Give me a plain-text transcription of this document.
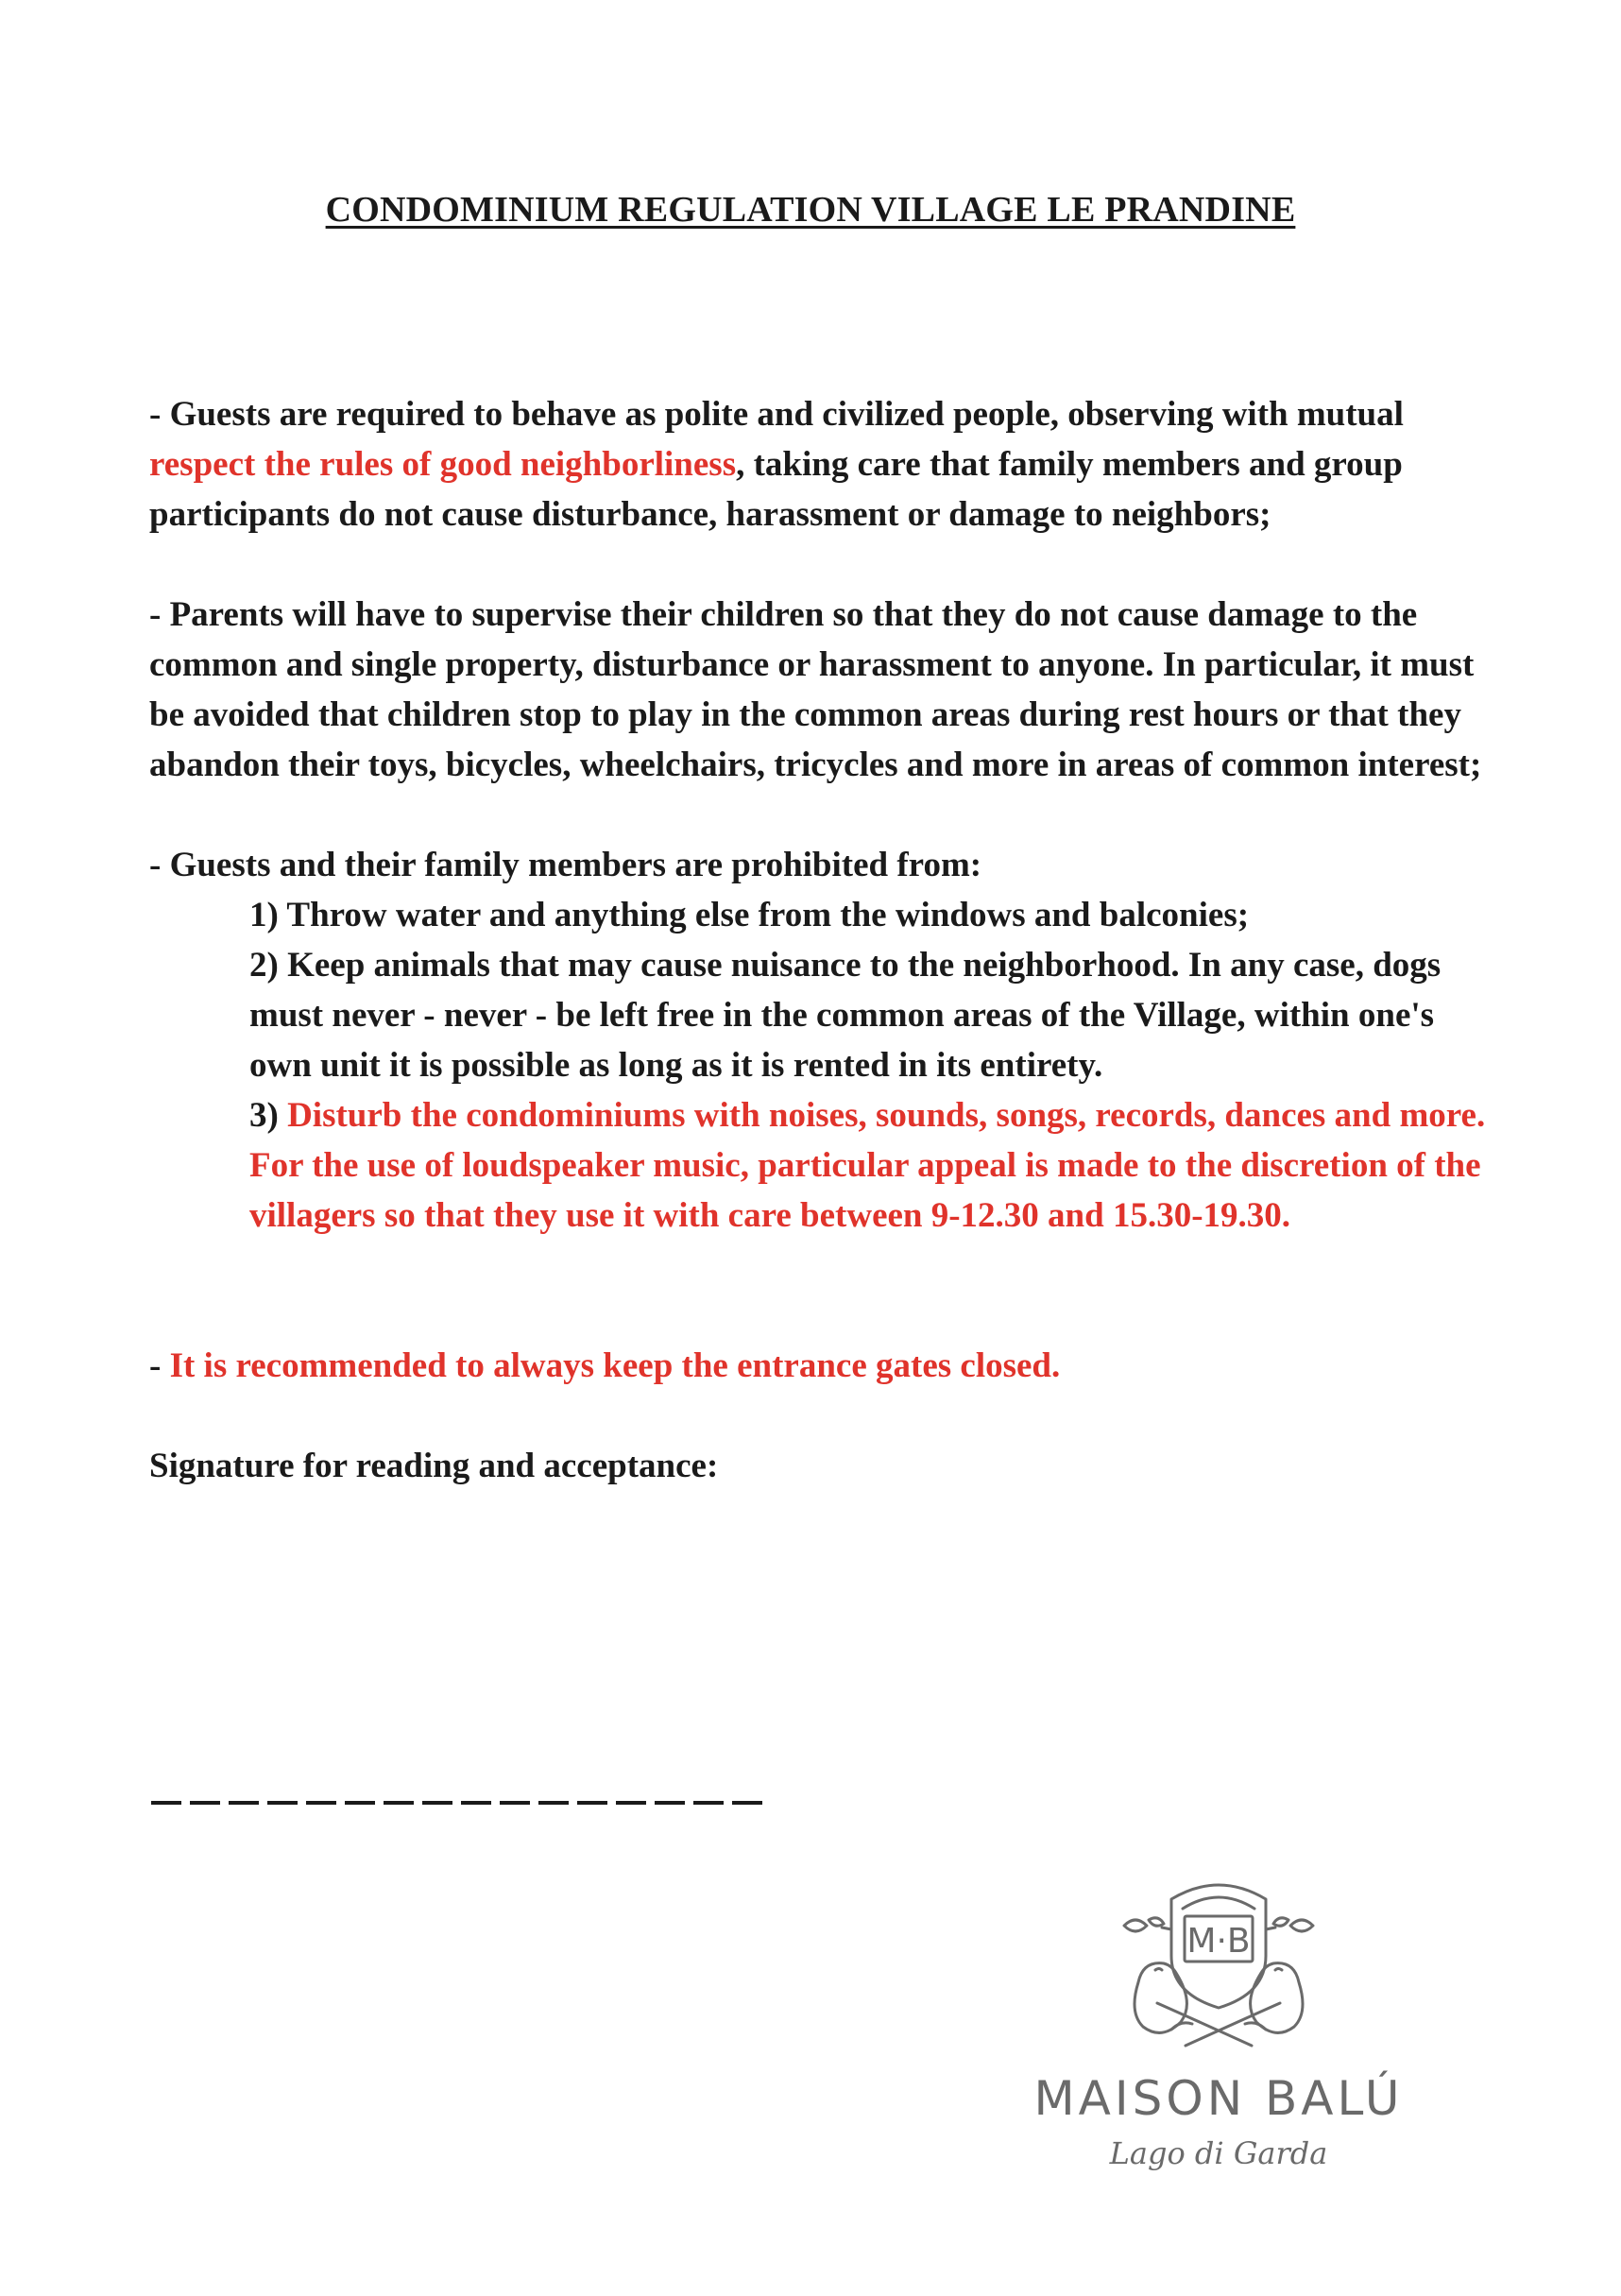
CONDOMINIUM REGULATION VILLAGE LE PRANDINE

- Guests are required to behave as polite and civilized people, observing with mutual respect the rules of good neighborliness, taking care that family members and group participants do not cause disturbance, harassment or damage to neighbors;

- Parents will have to supervise their children so that they do not cause damage to the common and single property, disturbance or harassment to anyone. In particular, it must be avoided that children stop to play in the common areas during rest hours or that they abandon their toys, bicycles, wheelchairs, tricycles and more in areas of common interest;

- Guests and their family members are prohibited from:

1) Throw water and anything else from the windows and balconies;

2) Keep animals that may cause nuisance to the neighborhood. In any case, dogs must never - never - be left free in the common areas of the Village, within one's own unit it is possible as long as it is rented in its entirety.

3) Disturb the condominiums with noises, sounds, songs, records, dances and more. For the use of loudspeaker music, particular appeal is made to the discretion of the villagers so that they use it with care between 9-12.30 and 15.30-19.30.

- It is recommended to always keep the entrance gates closed.

Signature for reading and acceptance:

M·B
MAISON BALÚ
Lago di Garda
